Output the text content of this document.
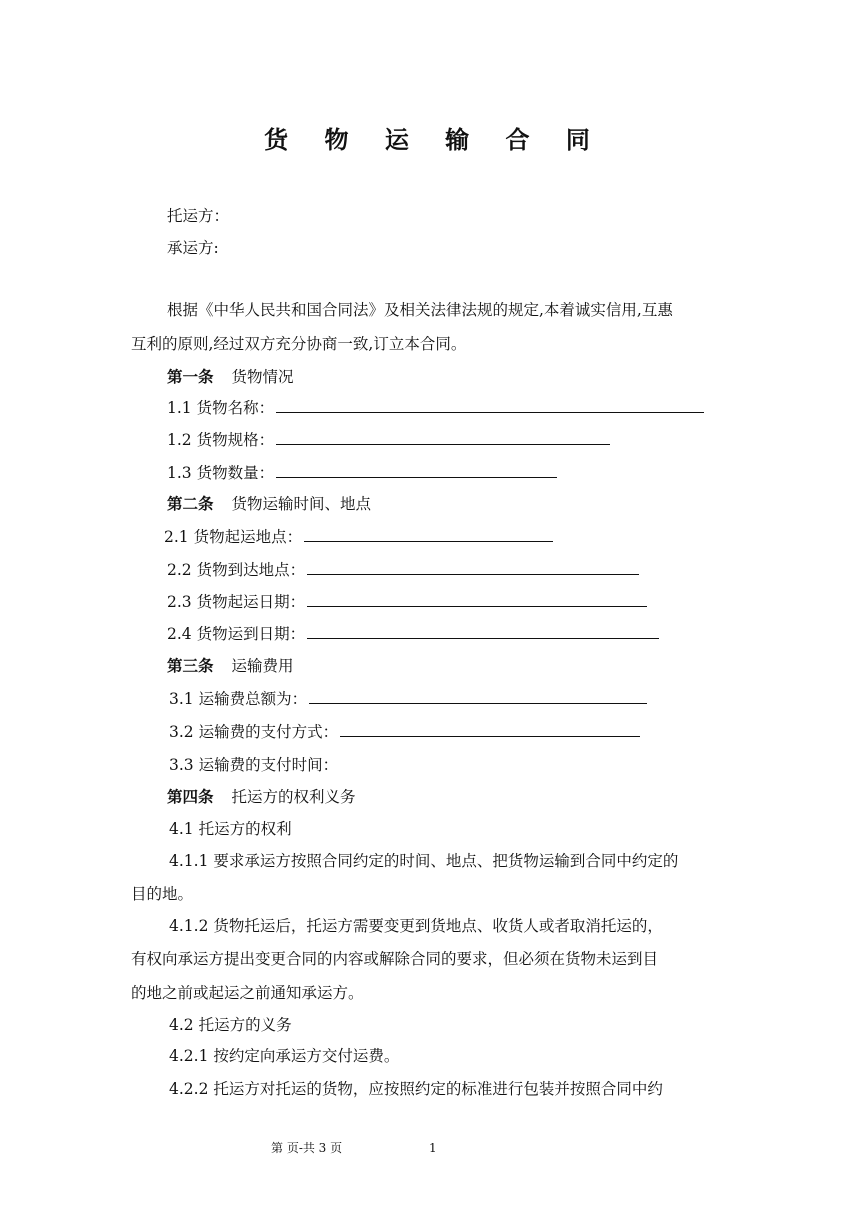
货 物 运 输 合 同
托运方：
承运方:
根据《中华人民共和国合同法》及相关法律法规的规定,本着诚实信用,互惠
互利的原则,经过双方充分协商一致,订立本合同。
第一条 货物情况
1.1 货物名称：
1.2 货物规格：
1.3 货物数量：
第二条 货物运输时间、地点
2.1 货物起运地点：
2.2 货物到达地点：
2.3 货物起运日期：
2.4 货物运到日期：
第三条 运输费用
3.1 运输费总额为：
3.2 运输费的支付方式：
3.3 运输费的支付时间：
第四条 托运方的权利义务
4.1 托运方的权利
4.1.1 要求承运方按照合同约定的时间、地点、把货物运输到合同中约定的
目的地。
4.1.2 货物托运后，托运方需要变更到货地点、收货人或者取消托运的，
有权向承运方提出变更合同的内容或解除合同的要求，但必须在货物未运到目
的地之前或起运之前通知承运方。
4.2 托运方的义务
4.2.1 按约定向承运方交付运费。
4.2.2 托运方对托运的货物，应按照约定的标准进行包装并按照合同中约
第 页-共 3 页	1
